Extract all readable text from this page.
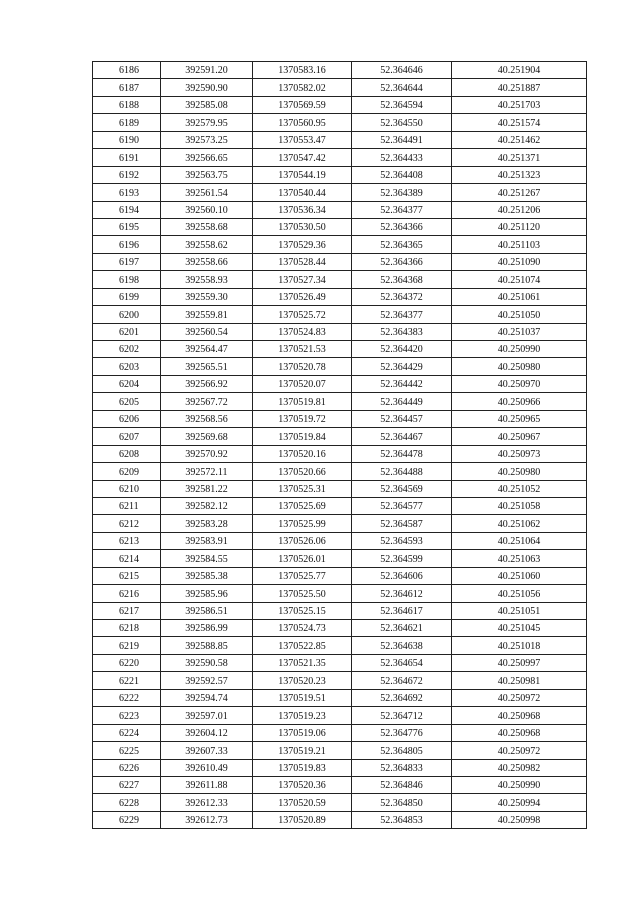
6186	392591.20	1370583.16	52.364646	40.251904
6187	392590.90	1370582.02	52.364644	40.251887
6188	392585.08	1370569.59	52.364594	40.251703
6189	392579.95	1370560.95	52.364550	40.251574
6190	392573.25	1370553.47	52.364491	40.251462
6191	392566.65	1370547.42	52.364433	40.251371
6192	392563.75	1370544.19	52.364408	40.251323
6193	392561.54	1370540.44	52.364389	40.251267
6194	392560.10	1370536.34	52.364377	40.251206
6195	392558.68	1370530.50	52.364366	40.251120
6196	392558.62	1370529.36	52.364365	40.251103
6197	392558.66	1370528.44	52.364366	40.251090
6198	392558.93	1370527.34	52.364368	40.251074
6199	392559.30	1370526.49	52.364372	40.251061
6200	392559.81	1370525.72	52.364377	40.251050
6201	392560.54	1370524.83	52.364383	40.251037
6202	392564.47	1370521.53	52.364420	40.250990
6203	392565.51	1370520.78	52.364429	40.250980
6204	392566.92	1370520.07	52.364442	40.250970
6205	392567.72	1370519.81	52.364449	40.250966
6206	392568.56	1370519.72	52.364457	40.250965
6207	392569.68	1370519.84	52.364467	40.250967
6208	392570.92	1370520.16	52.364478	40.250973
6209	392572.11	1370520.66	52.364488	40.250980
6210	392581.22	1370525.31	52.364569	40.251052
6211	392582.12	1370525.69	52.364577	40.251058
6212	392583.28	1370525.99	52.364587	40.251062
6213	392583.91	1370526.06	52.364593	40.251064
6214	392584.55	1370526.01	52.364599	40.251063
6215	392585.38	1370525.77	52.364606	40.251060
6216	392585.96	1370525.50	52.364612	40.251056
6217	392586.51	1370525.15	52.364617	40.251051
6218	392586.99	1370524.73	52.364621	40.251045
6219	392588.85	1370522.85	52.364638	40.251018
6220	392590.58	1370521.35	52.364654	40.250997
6221	392592.57	1370520.23	52.364672	40.250981
6222	392594.74	1370519.51	52.364692	40.250972
6223	392597.01	1370519.23	52.364712	40.250968
6224	392604.12	1370519.06	52.364776	40.250968
6225	392607.33	1370519.21	52.364805	40.250972
6226	392610.49	1370519.83	52.364833	40.250982
6227	392611.88	1370520.36	52.364846	40.250990
6228	392612.33	1370520.59	52.364850	40.250994
6229	392612.73	1370520.89	52.364853	40.250998
